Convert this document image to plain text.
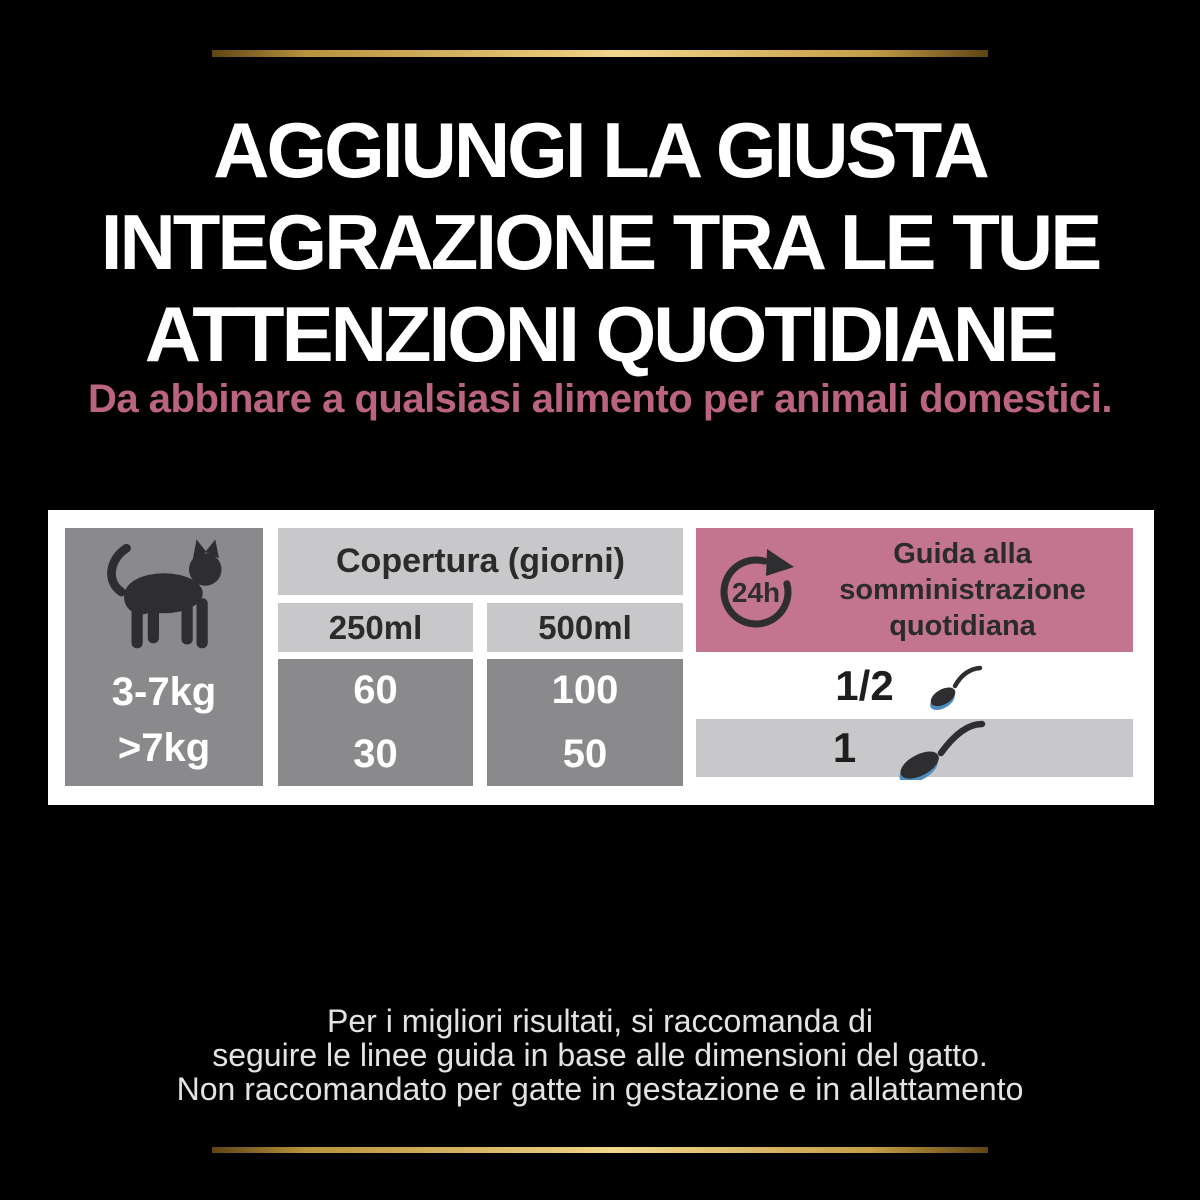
AGGIUNGI LA GIUSTA
INTEGRAZIONE TRA LE TUE
ATTENZIONI QUOTIDIANE
Da abbinare a qualsiasi alimento per animali domestici.
3-7kg
>7kg
Copertura (giorni)
250ml	500ml
60
30
100
50
24h
Guida alla
somministrazione
quotidiana
1/2
1
Per i migliori risultati, si raccomanda di
seguire le linee guida in base alle dimensioni del gatto.
Non raccomandato per gatte in gestazione e in allattamento
